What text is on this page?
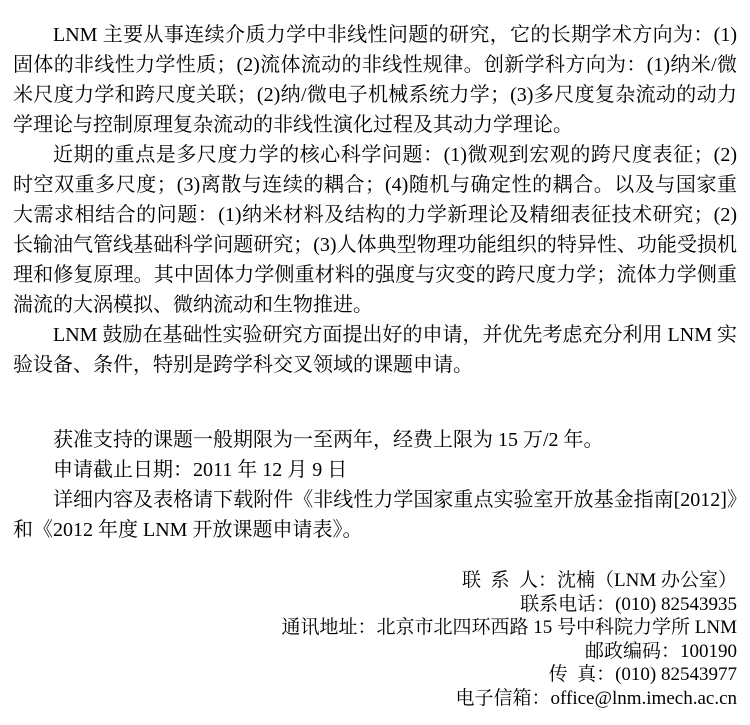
LNM 主要从事连续介质力学中非线性问题的研究，它的长期学术方向为：(1)固体的非线性力学性质；(2)流体流动的非线性规律。创新学科方向为：(1)纳米/微米尺度力学和跨尺度关联；(2)纳/微电子机械系统力学；(3)多尺度复杂流动的动力学理论与控制原理复杂流动的非线性演化过程及其动力学理论。

近期的重点是多尺度力学的核心科学问题：(1)微观到宏观的跨尺度表征；(2)时空双重多尺度；(3)离散与连续的耦合；(4)随机与确定性的耦合。以及与国家重大需求相结合的问题：(1)纳米材料及结构的力学新理论及精细表征技术研究；(2)长输油气管线基础科学问题研究；(3)人体典型物理功能组织的特异性、功能受损机理和修复原理。其中固体力学侧重材料的强度与灾变的跨尺度力学；流体力学侧重湍流的大涡模拟、微纳流动和生物推进。

LNM 鼓励在基础性实验研究方面提出好的申请，并优先考虑充分利用 LNM 实验设备、条件，特别是跨学科交叉领域的课题申请。

获准支持的课题一般期限为一至两年，经费上限为 15 万/2 年。

申请截止日期：2011 年 12 月 9 日

详细内容及表格请下载附件《非线性力学国家重点实验室开放基金指南[2012]》和《2012 年度 LNM 开放课题申请表》。

联 系 人：沈楠（LNM 办公室）
联系电话：(010) 82543935
通讯地址：北京市北四环西路 15 号中科院力学所 LNM
邮政编码：100190
传 真：(010) 82543977
电子信箱：office@lnm.imech.ac.cn
